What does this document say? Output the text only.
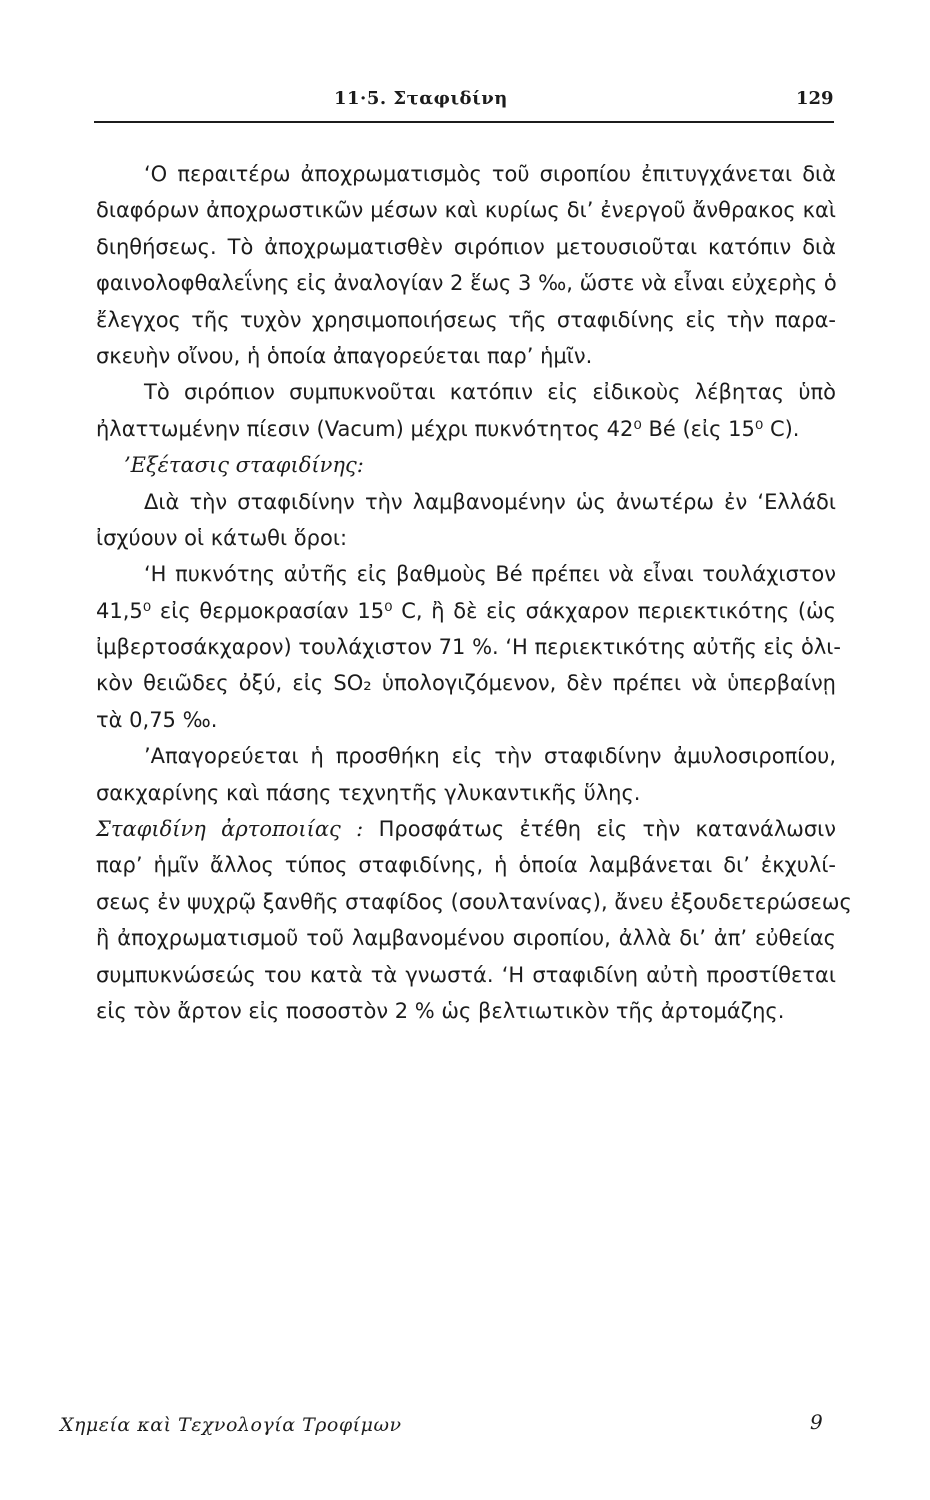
11·5. Σταφιδίνη	129
‘Ο περαιτέρω ἀποχρωματισμὸς τοῦ σιροπίου ἐπιτυγχάνεται διὰ
διαφόρων ἀποχρωστικῶν μέσων καὶ κυρίως δι’ ἐνεργοῦ ἄνθρακος καὶ
διηθήσεως. Τὸ ἀποχρωματισθὲν σιρόπιον μετουσιοῦται κατόπιν διὰ
φαινολοφθαλεΐνης εἰς ἀναλογίαν 2 ἕως 3 ‰, ὥστε νὰ εἶναι εὐχερὴς ὁ
ἔλεγχος τῆς τυχὸν χρησιμοποιήσεως τῆς σταφιδίνης εἰς τὴν παρα-
σκευὴν οἴνου, ἡ ὁποία ἀπαγορεύεται παρ’ ἡμῖν.
Τὸ σιρόπιον συμπυκνοῦται κατόπιν εἰς εἰδικοὺς λέβητας ὑπὸ
ἠλαττωμένην πίεσιν (Vacum) μέχρι πυκνότητος 42⁰ Bé (εἰς 15⁰ C).
’Εξέτασις σταφιδίνης:
Διὰ τὴν σταφιδίνην τὴν λαμβανομένην ὡς ἀνωτέρω ἐν ‘Ελλάδι
ἰσχύουν οἱ κάτωθι ὅροι:
‘Η πυκνότης αὐτῆς εἰς βαθμοὺς Bé πρέπει νὰ εἶναι τουλάχιστον
41,5⁰ εἰς θερμοκρασίαν 15⁰ C, ἢ δὲ εἰς σάκχαρον περιεκτικότης (ὡς
ἰμβερτοσάκχαρον) τουλάχιστον 71 %. ‘Η περιεκτικότης αὐτῆς εἰς ὁλι-
κὸν θειῶδες ὀξύ, εἰς SO₂ ὑπολογιζόμενον, δὲν πρέπει νὰ ὑπερβαίνῃ
τὰ 0,75 ‰.
’Απαγορεύεται ἡ προσθήκη εἰς τὴν σταφιδίνην ἀμυλοσιροπίου,
σακχαρίνης καὶ πάσης τεχνητῆς γλυκαντικῆς ὕλης.
Σταφιδίνη ἀρτοποιίας : Προσφάτως ἐτέθη εἰς τὴν κατανάλωσιν
παρ’ ἡμῖν ἄλλος τύπος σταφιδίνης, ἡ ὁποία λαμβάνεται δι’ ἐκχυλί-
σεως ἐν ψυχρῷ ξανθῆς σταφίδος (σουλτανίνας), ἄνευ ἐξουδετερώσεως
ἢ ἀποχρωματισμοῦ τοῦ λαμβανομένου σιροπίου, ἀλλὰ δι’ ἀπ’ εὐθείας
συμπυκνώσεώς του κατὰ τὰ γνωστά. ‘Η σταφιδίνη αὐτὴ προστίθεται
εἰς τὸν ἄρτον εἰς ποσοστὸν 2 % ὡς βελτιωτικὸν τῆς ἀρτομάζης.
Χημεία καὶ Τεχνολογία Τροφίμων	9
